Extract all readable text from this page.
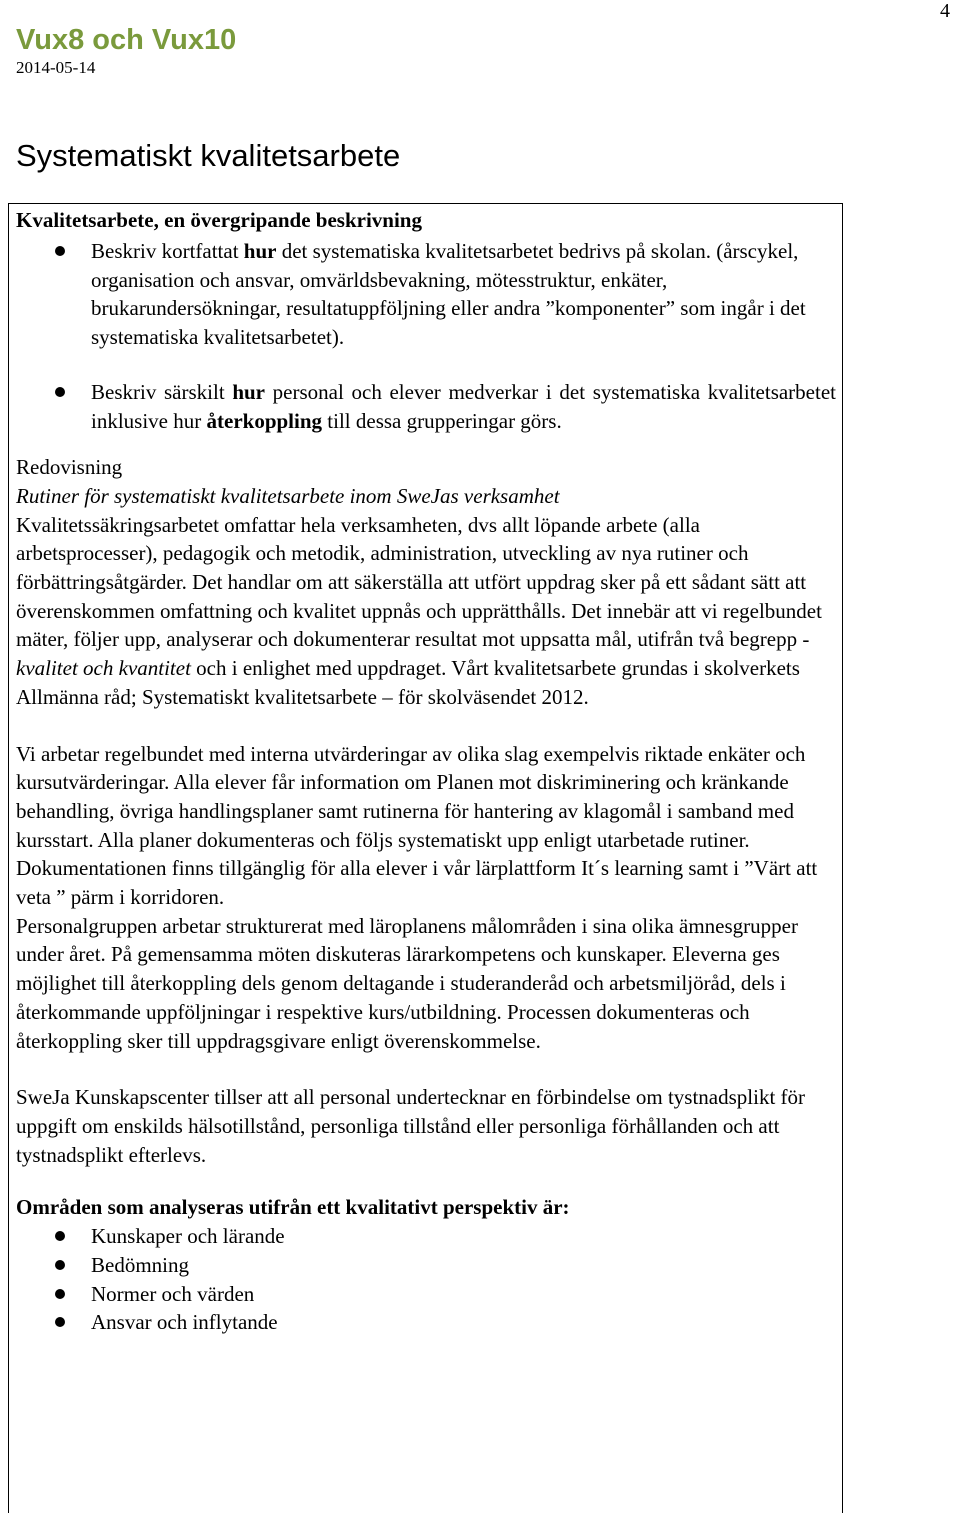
4
Vux8 och Vux10
2014-05-14
Systematiskt kvalitetsarbete
Kvalitetsarbete, en övergripande beskrivning
Beskriv kortfattat hur det systematiska kvalitetsarbetet bedrivs på skolan. (årscykel, organisation och ansvar, omvärldsbevakning, mötesstruktur, enkäter, brukarundersökningar, resultatuppföljning eller andra ”komponenter” som ingår i det systematiska kvalitetsarbetet).
Beskriv särskilt hur personal och elever medverkar i det systematiska kvalitetsarbetet inklusive hur återkoppling till dessa grupperingar görs.

Redovisning

Rutiner för systematiskt kvalitetsarbete inom SweJas verksamhet

Kvalitetssäkringsarbetet omfattar hela verksamheten, dvs allt löpande arbete (alla arbetsprocesser), pedagogik och metodik, administration, utveckling av nya rutiner och förbättringsåtgärder. Det handlar om att säkerställa att utfört uppdrag sker på ett sådant sätt att överenskommen omfattning och kvalitet uppnås och upprätthålls. Det innebär att vi regelbundet mäter, följer upp, analyserar och dokumenterar resultat mot uppsatta mål, utifrån två begrepp - kvalitet och kvantitet och i enlighet med uppdraget. Vårt kvalitetsarbete grundas i skolverkets Allmänna råd; Systematiskt kvalitetsarbete – för skolväsendet 2012.

Vi arbetar regelbundet med interna utvärderingar av olika slag exempelvis riktade enkäter och kursutvärderingar. Alla elever får information om Planen mot diskriminering och kränkande behandling, övriga handlingsplaner samt rutinerna för hantering av klagomål i samband med kursstart. Alla planer dokumenteras och följs systematiskt upp enligt utarbetade rutiner. Dokumentationen finns tillgänglig för alla elever i vår lärplattform It´s learning samt i ”Värt att veta ” pärm i korridoren.

Personalgruppen arbetar strukturerat med läroplanens målområden i sina olika ämnesgrupper under året. På gemensamma möten diskuteras lärarkompetens och kunskaper. Eleverna ges möjlighet till återkoppling dels genom deltagande i studeranderåd och arbetsmiljöråd, dels i återkommande uppföljningar i respektive kurs/utbildning. Processen dokumenteras och återkoppling sker till uppdragsgivare enligt överenskommelse.

SweJa Kunskapscenter tillser att all personal undertecknar en förbindelse om tystnadsplikt för uppgift om enskilds hälsotillstånd, personliga tillstånd eller personliga förhållanden och att tystnadsplikt efterlevs.

Områden som analyseras utifrån ett kvalitativt perspektiv är:

Kunskaper och lärande
Bedömning
Normer och värden
Ansvar och inflytande
